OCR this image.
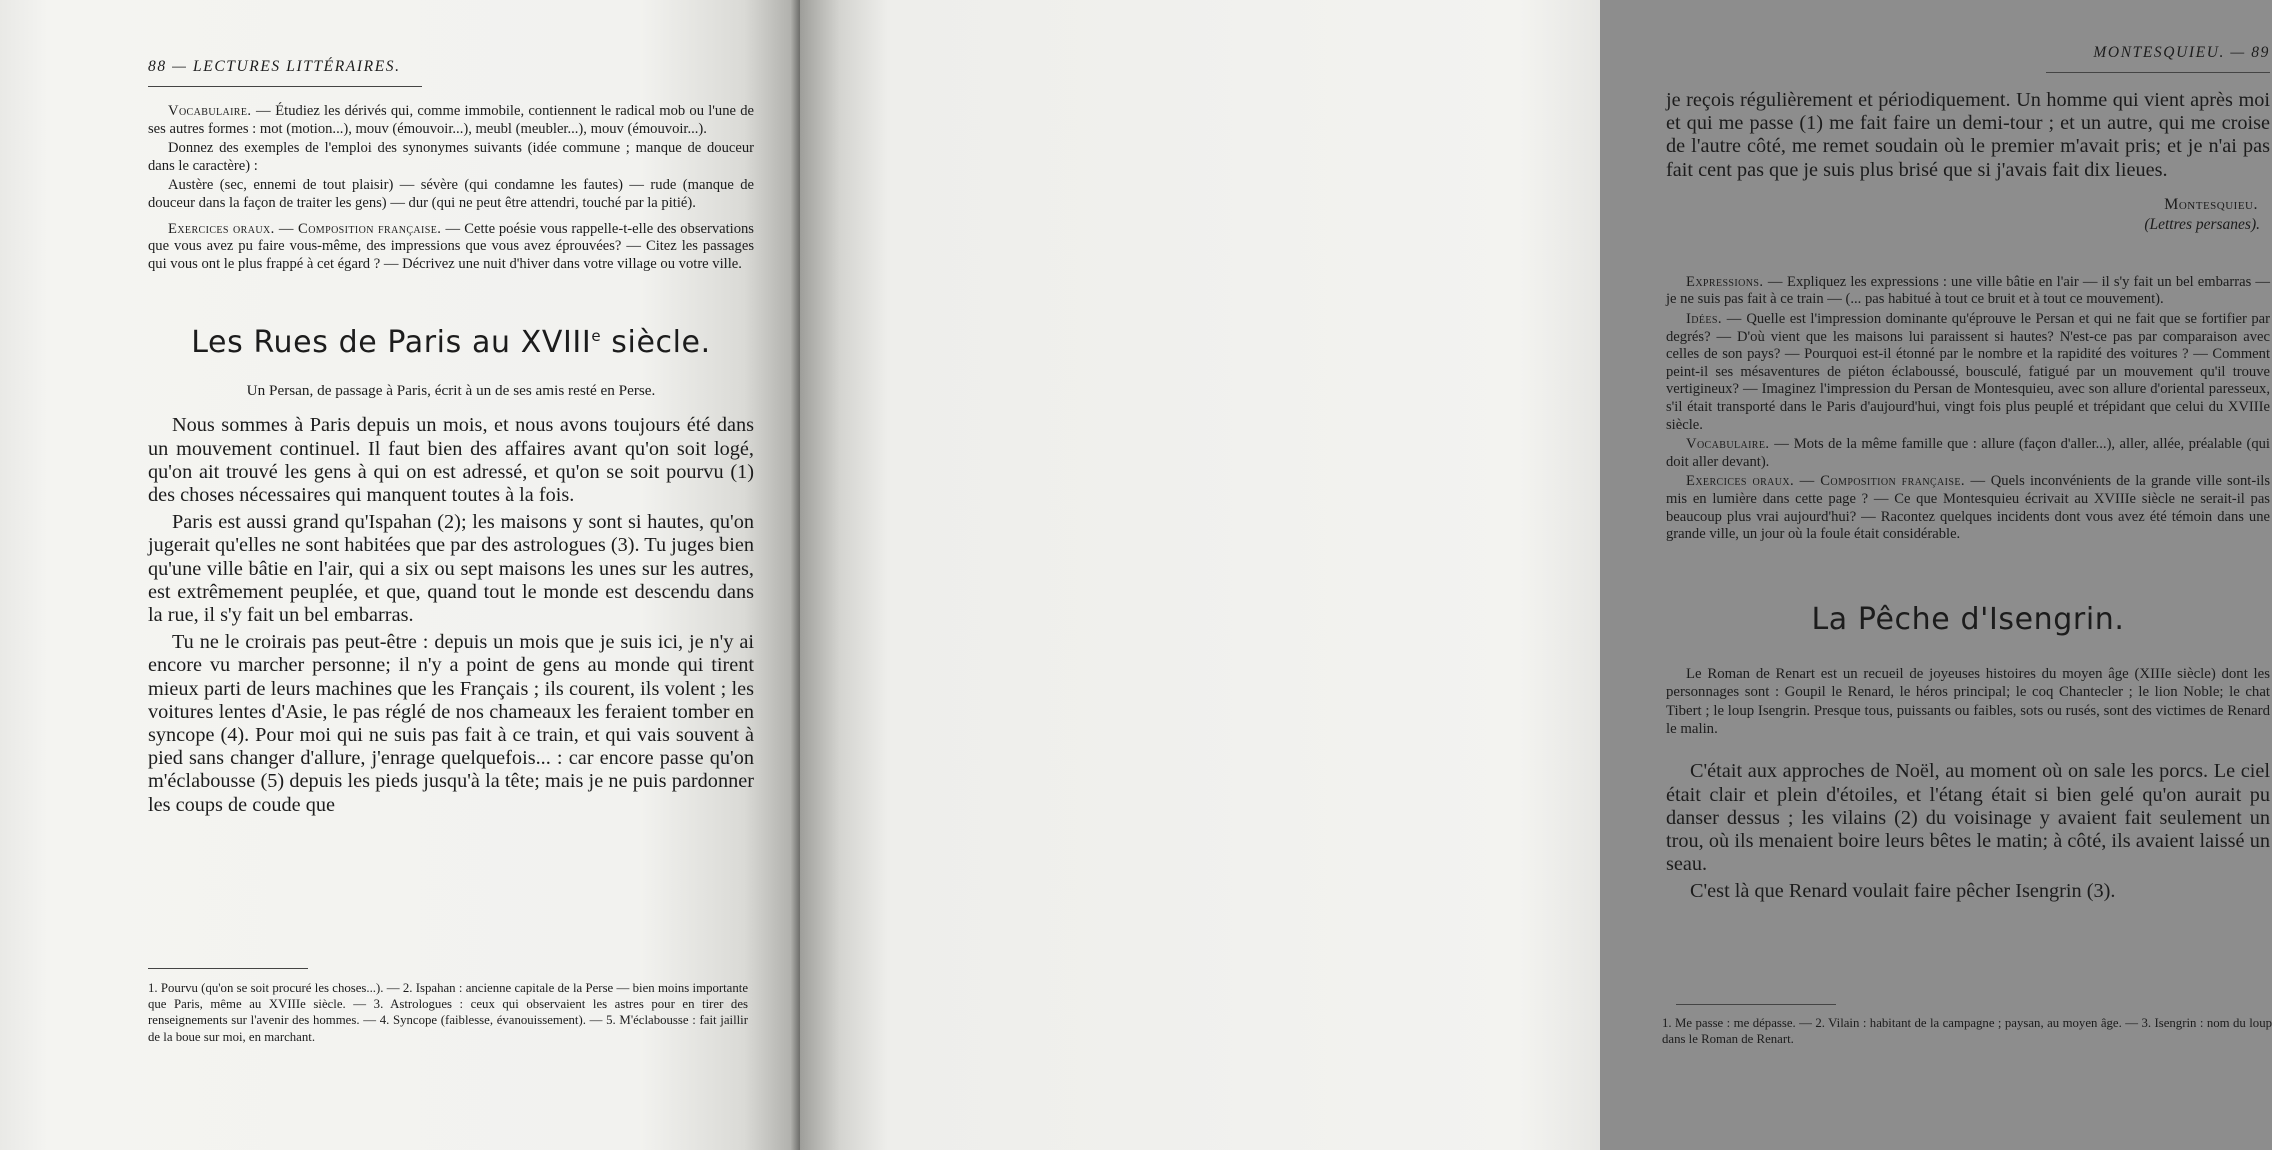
88 — LECTURES LITTÉRAIRES.

Vocabulaire. — Étudiez les dérivés qui, comme immobile, contiennent le radical mob ou l'une de ses autres formes : mot (motion...), mouv (émouvoir...), meubl (meubler...), mouv (émouvoir...).

Donnez des exemples de l'emploi des synonymes suivants (idée commune ; manque de douceur dans le caractère) :

Austère (sec, ennemi de tout plaisir) — sévère (qui condamne les fautes) — rude (manque de douceur dans la façon de traiter les gens) — dur (qui ne peut être attendri, touché par la pitié).

Exercices oraux. — Composition française. — Cette poésie vous rappelle-t-elle des observations que vous avez pu faire vous-même, des impressions que vous avez éprouvées? — Citez les passages qui vous ont le plus frappé à cet égard ? — Décrivez une nuit d'hiver dans votre village ou votre ville.

Les Rues de Paris au XVIIIe siècle.

Un Persan, de passage à Paris, écrit à un de ses amis resté en Perse.

Nous sommes à Paris depuis un mois, et nous avons toujours été dans un mouvement continuel. Il faut bien des affaires avant qu'on soit logé, qu'on ait trouvé les gens à qui on est adressé, et qu'on se soit pourvu (1) des choses nécessaires qui manquent toutes à la fois.

Paris est aussi grand qu'Ispahan (2); les maisons y sont si hautes, qu'on jugerait qu'elles ne sont habitées que par des astrologues (3). Tu juges bien qu'une ville bâtie en l'air, qui a six ou sept maisons les unes sur les autres, est extrêmement peuplée, et que, quand tout le monde est descendu dans la rue, il s'y fait un bel embarras.

Tu ne le croirais pas peut-être : depuis un mois que je suis ici, je n'y ai encore vu marcher personne; il n'y a point de gens au monde qui tirent mieux parti de leurs machines que les Français ; ils courent, ils volent ; les voitures lentes d'Asie, le pas réglé de nos chameaux les feraient tomber en syncope (4). Pour moi qui ne suis pas fait à ce train, et qui vais souvent à pied sans changer d'allure, j'enrage quelquefois... : car encore passe qu'on m'éclabousse (5) depuis les pieds jusqu'à la tête; mais je ne puis pardonner les coups de coude que

1. Pourvu (qu'on se soit procuré les choses...). — 2. Ispahan : ancienne capitale de la Perse — bien moins importante que Paris, même au XVIIIe siècle. — 3. Astrologues : ceux qui observaient les astres pour en tirer des renseignements sur l'avenir des hommes. — 4. Syncope (faiblesse, évanouissement). — 5. M'éclabousse : fait jaillir de la boue sur moi, en marchant.
MONTESQUIEU. — 89

je reçois régulièrement et périodiquement. Un homme qui vient après moi et qui me passe (1) me fait faire un demi-tour ; et un autre, qui me croise de l'autre côté, me remet soudain où le premier m'avait pris; et je n'ai pas fait cent pas que je suis plus brisé que si j'avais fait dix lieues.

Montesquieu.
(Lettres persanes).

Expressions. — Expliquez les expressions : une ville bâtie en l'air — il s'y fait un bel embarras — je ne suis pas fait à ce train — (... pas habitué à tout ce bruit et à tout ce mouvement).

Idées. — Quelle est l'impression dominante qu'éprouve le Persan et qui ne fait que se fortifier par degrés? — D'où vient que les maisons lui paraissent si hautes? N'est-ce pas par comparaison avec celles de son pays? — Pourquoi est-il étonné par le nombre et la rapidité des voitures ? — Comment peint-il ses mésaventures de piéton éclaboussé, bousculé, fatigué par un mouvement qu'il trouve vertigineux? — Imaginez l'impression du Persan de Montesquieu, avec son allure d'oriental paresseux, s'il était transporté dans le Paris d'aujourd'hui, vingt fois plus peuplé et trépidant que celui du XVIIIe siècle.

Vocabulaire. — Mots de la même famille que : allure (façon d'aller...), aller, allée, préalable (qui doit aller devant).

Exercices oraux. — Composition française. — Quels inconvénients de la grande ville sont-ils mis en lumière dans cette page ? — Ce que Montesquieu écrivait au XVIIIe siècle ne serait-il pas beaucoup plus vrai aujourd'hui? — Racontez quelques incidents dont vous avez été témoin dans une grande ville, un jour où la foule était considérable.

La Pêche d'Isengrin.

Le Roman de Renart est un recueil de joyeuses histoires du moyen âge (XIIIe siècle) dont les personnages sont : Goupil le Renard, le héros principal; le coq Chantecler ; le lion Noble; le chat Tibert ; le loup Isengrin. Presque tous, puissants ou faibles, sots ou rusés, sont des victimes de Renard le malin.

C'était aux approches de Noël, au moment où on sale les porcs. Le ciel était clair et plein d'étoiles, et l'étang était si bien gelé qu'on aurait pu danser dessus ; les vilains (2) du voisinage y avaient fait seulement un trou, où ils menaient boire leurs bêtes le matin; à côté, ils avaient laissé un seau.

C'est là que Renard voulait faire pêcher Isengrin (3).

1. Me passe : me dépasse. — 2. Vilain : habitant de la campagne ; paysan, au moyen âge. — 3. Isengrin : nom du loup dans le Roman de Renart.
